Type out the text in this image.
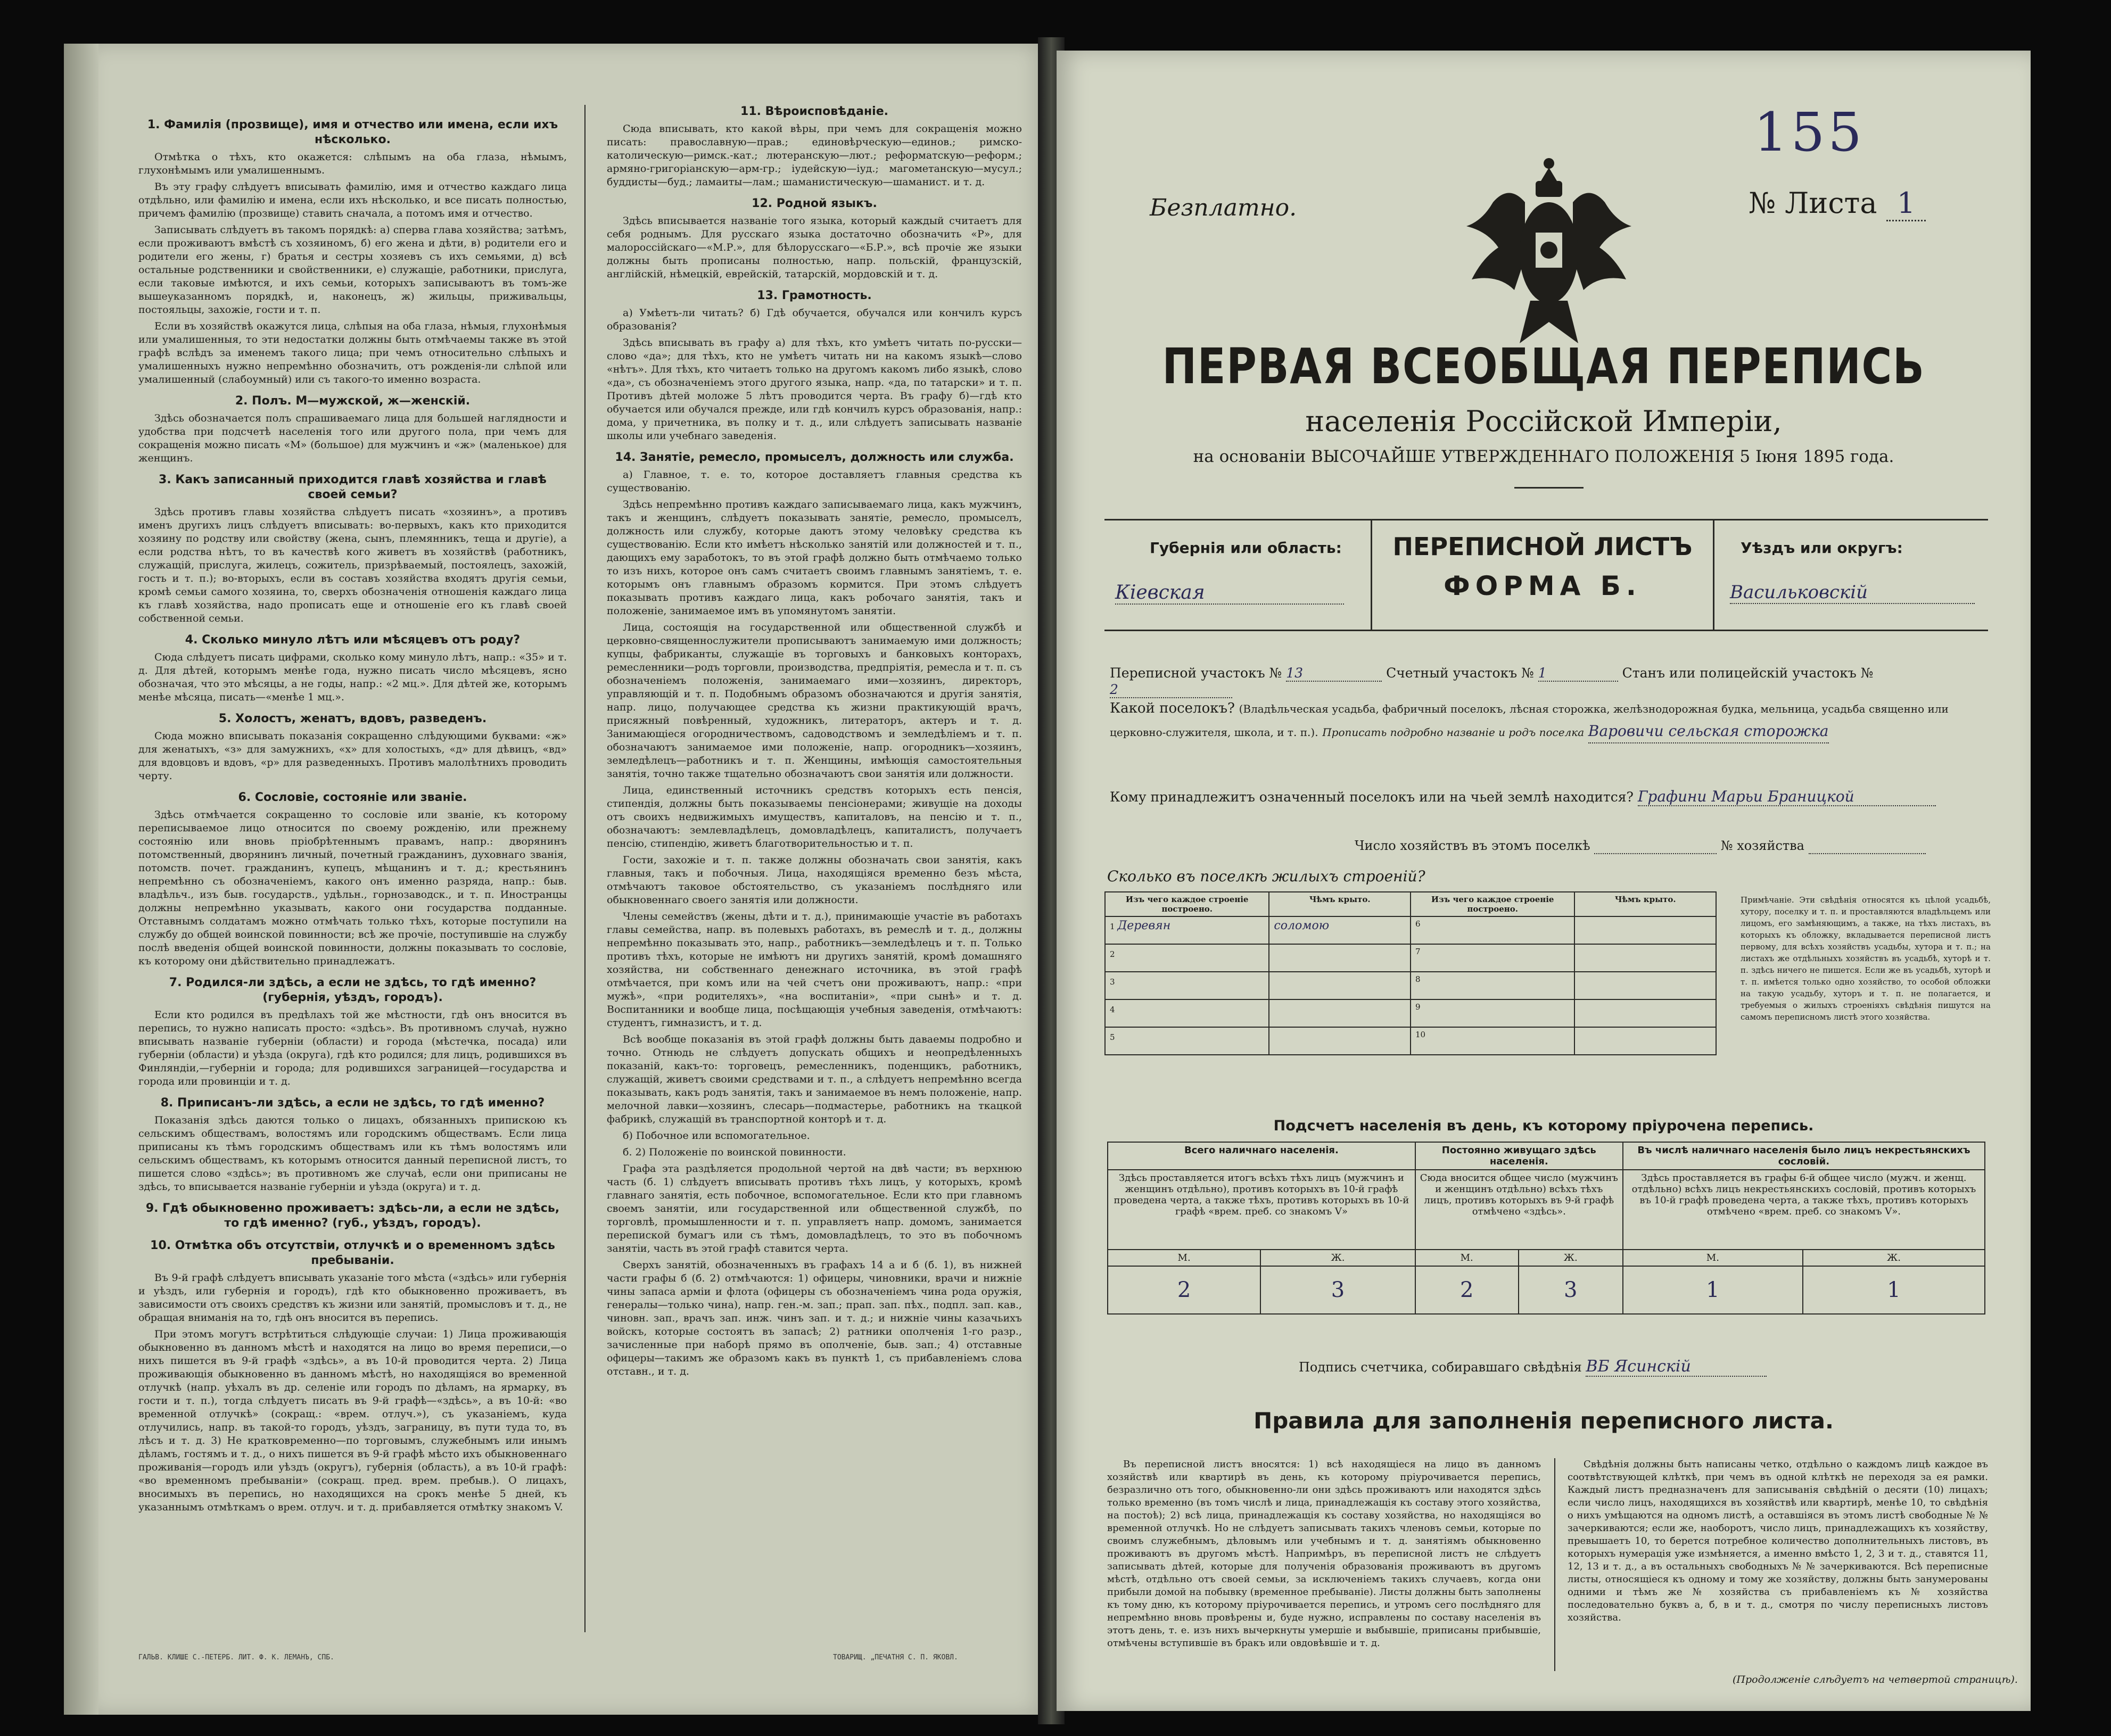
1. Фамилія (прозвище), имя и отчество или имена, если ихъ нѣсколько.

Отмѣтка о тѣхъ, кто окажется: слѣпымъ на оба глаза, нѣмымъ, глухонѣмымъ или умалишеннымъ.

Въ эту графу слѣдуетъ вписывать фамилію, имя и отчество каждаго лица отдѣльно, или фамилію и имена, если ихъ нѣсколько, и все писать полностью, причемъ фамилію (прозвище) ставить сначала, а потомъ имя и отчество.

Записывать слѣдуетъ въ такомъ порядкѣ: а) сперва глава хозяйства; затѣмъ, если проживаютъ вмѣстѣ съ хозяиномъ, б) его жена и дѣти, в) родители его и родители его жены, г) братья и сестры хозяевъ съ ихъ семьями, д) всѣ остальные родственники и свойственники, е) служащіе, работники, прислуга, если таковые имѣются, и ихъ семьи, которыхъ записываютъ въ томъ-же вышеуказанномъ порядкѣ, и, наконецъ, ж) жильцы, приживальцы, постояльцы, захожіе, гости и т. п.

Если въ хозяйствѣ окажутся лица, слѣпыя на оба глаза, нѣмыя, глухонѣмыя или умалишенныя, то эти недостатки должны быть отмѣчаемы также въ этой графѣ вслѣдъ за именемъ такого лица; при чемъ относительно слѣпыхъ и умалишенныхъ нужно непремѣнно обозначить, отъ рожденія-ли слѣпой или умалишенный (слабоумный) или съ такого-то именно возраста.

2. Полъ. М—мужской, ж—женскій.

Здѣсь обозначается полъ спрашиваемаго лица для большей наглядности и удобства при подсчетѣ населенія того или другого пола, при чемъ для сокращенія можно писать «М» (большое) для мужчинъ и «ж» (маленькое) для женщинъ.

3. Какъ записанный приходится главѣ хозяйства и главѣ своей семьи?

Здѣсь противъ главы хозяйства слѣдуетъ писать «хозяинъ», а противъ именъ другихъ лицъ слѣдуетъ вписывать: во-первыхъ, какъ кто приходится хозяину по родству или свойству (жена, сынъ, племянникъ, теща и другіе), а если родства нѣтъ, то въ качествѣ кого живетъ въ хозяйствѣ (работникъ, служащій, прислуга, жилецъ, сожитель, призрѣваемый, постоялецъ, захожій, гость и т. п.); во-вторыхъ, если въ составъ хозяйства входятъ другія семьи, кромѣ семьи самого хозяина, то, сверхъ обозначенія отношенія каждаго лица къ главѣ хозяйства, надо прописать еще и отношеніе его къ главѣ своей собственной семьи.

4. Сколько минуло лѣтъ или мѣсяцевъ отъ роду?

Сюда слѣдуетъ писать цифрами, сколько кому минуло лѣтъ, напр.: «35» и т. д. Для дѣтей, которымъ менѣе года, нужно писать число мѣсяцевъ, ясно обозначая, что это мѣсяцы, а не годы, напр.: «2 мц.». Для дѣтей же, которымъ менѣе мѣсяца, писать—«менѣе 1 мц.».

5. Холостъ, женатъ, вдовъ, разведенъ.

Сюда можно вписывать показанія сокращенно слѣдующими буквами: «ж» для женатыхъ, «з» для замужнихъ, «х» для холостыхъ, «д» для дѣвицъ, «вд» для вдовцовъ и вдовъ, «р» для разведенныхъ. Противъ малолѣтнихъ проводить черту.

6. Сословіе, состояніе или званіе.

Здѣсь отмѣчается сокращенно то сословіе или званіе, къ которому переписываемое лицо относится по своему рожденію, или прежнему состоянію или вновь пріобрѣтеннымъ правамъ, напр.: дворянинъ потомственный, дворянинъ личный, почетный гражданинъ, духовнаго званія, потомств. почет. гражданинъ, купецъ, мѣщанинъ и т. д.; крестьянинъ непремѣнно съ обозначеніемъ, какого онъ именно разряда, напр.: быв. владѣльч., изъ быв. государств., удѣльн., горнозаводск., и т. п. Иностранцы должны непремѣнно указывать, какого они государства подданные. Отставнымъ солдатамъ можно отмѣчать только тѣхъ, которые поступили на службу до общей воинской повинности; всѣ же прочіе, поступившіе на службу послѣ введенія общей воинской повинности, должны показывать то сословіе, къ которому они дѣйствительно принадлежатъ.

7. Родился-ли здѣсь, а если не здѣсь, то гдѣ именно? (губернія, уѣздъ, городъ).

Если кто родился въ предѣлахъ той же мѣстности, гдѣ онъ вносится въ перепись, то нужно написать просто: «здѣсь». Въ противномъ случаѣ, нужно вписывать названіе губерніи (области) и города (мѣстечка, посада) или губерніи (области) и уѣзда (округа), гдѣ кто родился; для лицъ, родившихся въ Финляндіи,—губерніи и города; для родившихся заграницей—государства и города или провинціи и т. д.

8. Приписанъ-ли здѣсь, а если не здѣсь, то гдѣ именно?

Показанія здѣсь даются только о лицахъ, обязанныхъ припискою къ сельскимъ обществамъ, волостямъ или городскимъ обществамъ. Если лица приписаны къ тѣмъ городскимъ обществамъ или къ тѣмъ волостямъ или сельскимъ обществамъ, къ которымъ относится данный переписной листъ, то пишется слово «здѣсь»; въ противномъ же случаѣ, если они приписаны не здѣсь, то вписывается названіе губерніи и уѣзда (округа) и т. д.

9. Гдѣ обыкновенно проживаетъ: здѣсь-ли, а если не здѣсь, то гдѣ именно? (губ., уѣздъ, городъ).
10. Отмѣтка объ отсутствіи, отлучкѣ и о временномъ здѣсь пребываніи.

Въ 9-й графѣ слѣдуетъ вписывать указаніе того мѣста («здѣсь» или губернія и уѣздъ, или губернія и городъ), гдѣ кто обыкновенно проживаетъ, въ зависимости отъ своихъ средствъ къ жизни или занятій, промысловъ и т. д., не обращая вниманія на то, гдѣ онъ вносится въ перепись.

При этомъ могутъ встрѣтиться слѣдующіе случаи: 1) Лица проживающія обыкновенно въ данномъ мѣстѣ и находятся на лицо во время переписи,—о нихъ пишется въ 9-й графѣ «здѣсь», а въ 10-й проводится черта. 2) Лица проживающія обыкновенно въ данномъ мѣстѣ, но находящіяся во временной отлучкѣ (напр. уѣхалъ въ др. селеніе или городъ по дѣламъ, на ярмарку, въ гости и т. п.), тогда слѣдуетъ писать въ 9-й графѣ—«здѣсь», а въ 10-й: «во временной отлучкѣ» (сокращ.: «врем. отлуч.»), съ указаніемъ, куда отлучились, напр. въ такой-то городъ, уѣздъ, заграницу, въ пути туда то, въ лѣсъ и т. д. 3) Не кратковременно—по торговымъ, служебнымъ или инымъ дѣламъ, гостямъ и т. д., о нихъ пишется въ 9-й графѣ мѣсто ихъ обыкновеннаго проживанія—городъ или уѣздъ (округъ), губернія (область), а въ 10-й графѣ: «во временномъ пребываніи» (сокращ. пред. врем. пребыв.). О лицахъ, вносимыхъ въ перепись, но находящихся на срокъ менѣе 5 дней, къ указаннымъ отмѣткамъ о врем. отлуч. и т. д. прибавляется отмѣтку знакомъ V.

11. Вѣроисповѣданіе.

Сюда вписывать, кто какой вѣры, при чемъ для сокращенія можно писать: православную—прав.; единовѣрческую—единов.; римско-католическую—римск.-кат.; лютеранскую—лют.; реформатскую—реформ.; армяно-григоріанскую—арм-гр.; іудейскую—іуд.; магометанскую—мусул.; буддисты—буд.; ламаиты—лам.; шаманистическую—шаманист. и т. д.

12. Родной языкъ.

Здѣсь вписывается названіе того языка, который каждый считаетъ для себя роднымъ. Для русскаго языка достаточно обозначить «Р», для малороссійскаго—«М.Р.», для бѣлорусскаго—«Б.Р.», всѣ прочіе же языки должны быть прописаны полностью, напр. польскій, французскій, англійскій, нѣмецкій, еврейскій, татарскій, мордовскій и т. д.

13. Грамотность.

а) Умѣетъ-ли читать? б) Гдѣ обучается, обучался или кончилъ курсъ образованія?

Здѣсь вписывать въ графу а) для тѣхъ, кто умѣетъ читать по-русски—слово «да»; для тѣхъ, кто не умѣетъ читать ни на какомъ языкѣ—слово «нѣтъ». Для тѣхъ, кто читаетъ только на другомъ какомъ либо языкѣ, слово «да», съ обозначеніемъ этого другого языка, напр. «да, по татарски» и т. п. Противъ дѣтей моложе 5 лѣтъ проводится черта. Въ графу б)—гдѣ кто обучается или обучался прежде, или гдѣ кончилъ курсъ образованія, напр.: дома, у причетника, въ полку и т. д., или слѣдуетъ записывать названіе школы или учебнаго заведенія.

14. Занятіе, ремесло, промыселъ, должность или служба.

а) Главное, т. е. то, которое доставляетъ главныя средства къ существованію.

Здѣсь непремѣнно противъ каждаго записываемаго лица, какъ мужчинъ, такъ и женщинъ, слѣдуетъ показывать занятіе, ремесло, промыселъ, должность или службу, которые даютъ этому человѣку средства къ существованію. Если кто имѣетъ нѣсколько занятій или должностей и т. п., дающихъ ему заработокъ, то въ этой графѣ должно быть отмѣчаемо только то изъ нихъ, которое онъ самъ считаетъ своимъ главнымъ занятіемъ, т. е. которымъ онъ главнымъ образомъ кормится. При этомъ слѣдуетъ показывать противъ каждаго лица, какъ робочаго занятія, такъ и положеніе, занимаемое имъ въ упомянутомъ занятіи.

Лица, состоящія на государственной или общественной службѣ и церковно-священнослужители прописываютъ занимаемую ими должность; купцы, фабриканты, служащіе въ торговыхъ и банковыхъ конторахъ, ремесленники—родъ торговли, производства, предпріятія, ремесла и т. п. съ обозначеніемъ положенія, занимаемаго ими—хозяинъ, директоръ, управляющій и т. п. Подобнымъ образомъ обозначаются и другія занятія, напр. лицо, получающее средства къ жизни практикующій врачъ, присяжный повѣренный, художникъ, литераторъ, актеръ и т. д. Занимающіеся огородничествомъ, садоводствомъ и земледѣліемъ и т. п. обозначаютъ занимаемое ими положеніе, напр. огородникъ—хозяинъ, земледѣлецъ—работникъ и т. п. Женщины, имѣющія самостоятельныя занятія, точно также тщательно обозначаютъ свои занятія или должности.

Лица, единственный источникъ средствъ которыхъ есть пенсія, стипендія, должны быть показываемы пенсіонерами; живущіе на доходы отъ своихъ недвижимыхъ имуществъ, капиталовъ, на пенсію и т. п., обозначаютъ: землевладѣлецъ, домовладѣлецъ, капиталистъ, получаетъ пенсію, стипендію, живетъ благотворительностью и т. п.

Гости, захожіе и т. п. также должны обозначать свои занятія, какъ главныя, такъ и побочныя. Лица, находящіяся временно безъ мѣста, отмѣчаютъ таковое обстоятельство, съ указаніемъ послѣдняго или обыкновеннаго своего занятія или должности.

Члены семействъ (жены, дѣти и т. д.), принимающіе участіе въ работахъ главы семейства, напр. въ полевыхъ работахъ, въ ремеслѣ и т. д., должны непремѣнно показывать это, напр., работникъ—земледѣлецъ и т. п. Только противъ тѣхъ, которые не имѣютъ ни другихъ занятій, кромѣ домашняго хозяйства, ни собственнаго денежнаго источника, въ этой графѣ отмѣчается, при комъ или на чей счетъ они проживаютъ, напр.: «при мужѣ», «при родителяхъ», «на воспитаніи», «при сынѣ» и т. д. Воспитанники и вообще лица, посѣщающія учебныя заведенія, отмѣчаютъ: студентъ, гимназистъ, и т. д.

Всѣ вообще показанія въ этой графѣ должны быть даваемы подробно и точно. Отнюдь не слѣдуетъ допускать общихъ и неопредѣленныхъ показаній, какъ-то: торговецъ, ремесленникъ, поденщикъ, работникъ, служащій, живетъ своими средствами и т. п., а слѣдуетъ непремѣнно всегда показывать, какъ родъ занятія, такъ и занимаемое въ немъ положеніе, напр. мелочной лавки—хозяинъ, слесарь—подмастерье, работникъ на ткацкой фабрикѣ, служащій въ транспортной конторѣ и т. д.

б) Побочное или вспомогательное.

б. 2) Положеніе по воинской повинности.

Графа эта раздѣляется продольной чертой на двѣ части; въ верхнюю часть (б. 1) слѣдуетъ вписывать противъ тѣхъ лицъ, у которыхъ, кромѣ главнаго занятія, есть побочное, вспомогательное. Если кто при главномъ своемъ занятіи, или государственной или общественной службѣ, по торговлѣ, промышленности и т. п. управляетъ напр. домомъ, занимается перепиской бумагъ или съ тѣмъ, домовладѣлецъ, то это въ побочномъ занятіи, часть въ этой графѣ ставится черта.

Сверхъ занятій, обозначенныхъ въ графахъ 14 а и б (б. 1), въ нижней части графы б (б. 2) отмѣчаются: 1) офицеры, чиновники, врачи и нижніе чины запаса арміи и флота (офицеры съ обозначеніемъ чина рода оружія, генералы—только чина), напр. ген.-м. зап.; прап. зап. пѣх., подпл. зап. кав., чиновн. зап., врачъ зап. инж. чинъ зап. и т. д.; и нижніе чины казачьихъ войскъ, которые состоятъ въ запасѣ; 2) ратники ополченія 1-го разр., зачисленные при наборѣ прямо въ ополченіе, быв. зап.; 4) отставные офицеры—такимъ же образомъ какъ въ пунктѣ 1, съ прибавленіемъ слова отставн., и т. д.

ГАЛЬВ. КЛИШЕ С.-ПЕТЕРБ. ЛИТ. Ф. К. ЛЕМАНЪ, СПБ.	ТОВАРИЩ. „ПЕЧАТНЯ С. П. ЯКОВЛ.
155
Безплатно.	№ Листа 1
ПЕРВАЯ ВСЕОБЩАЯ ПЕРЕПИСЬ
населенія Россійской Имперіи,
на основаніи ВЫСОЧАЙШЕ УТВЕРЖДЕННАГО ПОЛОЖЕНІЯ 5 Іюня 1895 года.
Губернія или область:
Кіевская
ПЕРЕПИСНОЙ ЛИСТЪ
ФОРМА Б.
Уѣздъ или округъ:
Васильковскій
Переписной участокъ № 13	Счетный участокъ № 1	Станъ или полицейскій участокъ № 2
Какой поселокъ? (Владѣльческая усадьба, фабричный поселокъ, лѣсная сторожка, желѣзнодорожная будка, мельница, усадьба священно или церковно-служителя, школа, и т. п.). Прописать подробно названіе и родъ поселка Варовичи сельская сторожка
Кому принадлежитъ означенный поселокъ или на чьей землѣ находится? Графини Марьи Браницкой
Число хозяйствъ въ этомъ поселкѣ	№ хозяйства
Сколько въ поселкѣ жилыхъ строеній?
Изъ чего каждое строеніе построено.	Чѣмъ крыто.	Изъ чего каждое строеніе построено.	Чѣмъ крыто.
1 Деревян	соломою	6	
2		7	
3		8	
4		9	
5		10	
Примѣчаніе. Эти свѣдѣнія относятся къ цѣлой усадьбѣ, хутору, поселку и т. п. и проставляются владѣльцемъ или лицомъ, его замѣняющимъ, а также, на тѣхъ листахъ, въ которыхъ къ обложку, вкладывается переписной листъ первому, для всѣхъ хозяйствъ усадьбы, хутора и т. п.; на листахъ же отдѣльныхъ хозяйствъ въ усадьбѣ, хуторѣ и т. п. здѣсь ничего не пишется. Если же въ усадьбѣ, хуторѣ и т. п. имѣется только одно хозяйство, то особой обложки на такую усадьбу, хуторъ и т. п. не полагается, и требуемыя о жилыхъ строеніяхъ свѣдѣнія пишутся на самомъ переписномъ листѣ этого хозяйства.
Подсчетъ населенія въ день, къ которому пріурочена перепись.
Всего наличнаго населенія.		Постоянно живущаго здѣсь населенія.		Въ числѣ наличнаго населенія было лицъ некрестьянскихъ сословій.	
Здѣсь проставляется итогъ всѣхъ тѣхъ лицъ (мужчинъ и женщинъ отдѣльно), противъ которыхъ въ 10-й графѣ проведена черта, а также тѣхъ, противъ которыхъ въ 10-й графѣ «врем. преб. со знакомъ V»		Сюда вносится общее число (мужчинъ и женщинъ отдѣльно) всѣхъ тѣхъ лицъ, противъ которыхъ въ 9-й графѣ отмѣчено «здѣсь».		Здѣсь проставляется въ графы 6-й общее число (мужч. и женщ. отдѣльно) всѣхъ лицъ некрестьянскихъ сословій, противъ которыхъ въ 10-й графѣ проведена черта, а также тѣхъ, противъ которыхъ отмѣчено «врем. преб. со знакомъ V».	
М.	Ж.	М.	Ж.	М.	Ж.
2	3	2	3	1	1
Подпись счетчика, собиравшаго свѣдѣнія ВБ Ясинскій
Правила для заполненія переписного листа.
Въ переписной листъ вносятся: 1) всѣ находящіеся на лицо въ данномъ хозяйствѣ или квартирѣ въ день, къ которому пріурочивается перепись, безразлично отъ того, обыкновенно-ли они здѣсь проживаютъ или находятся здѣсь только временно (въ томъ числѣ и лица, принадлежащія къ составу этого хозяйства, на постоѣ); 2) всѣ лица, принадлежащія къ составу хозяйства, но находящіяся во временной отлучкѣ. Но не слѣдуетъ записывать такихъ членовъ семьи, которые по своимъ служебнымъ, дѣловымъ или учебнымъ и т. д. занятіямъ обыкновенно проживаютъ въ другомъ мѣстѣ. Напримѣръ, въ переписной листъ не слѣдуетъ записывать дѣтей, которые для полученія образованія проживаютъ въ другомъ мѣстѣ, отдѣльно отъ своей семьи, за исключеніемъ такихъ случаевъ, когда они прибыли домой на побывку (временное пребываніе). Листы должны быть заполнены къ тому дню, къ которому пріурочивается перепись, и утромъ сего послѣдняго для непремѣнно вновь провѣрены и, буде нужно, исправлены по составу населенія въ этотъ день, т. е. изъ нихъ вычеркнуты умершіе и выбывшіе, приписаны прибывшіе, отмѣчены вступившіе въ бракъ или овдовѣвшіе и т. д.
Свѣдѣнія должны быть написаны четко, отдѣльно о каждомъ лицѣ каждое въ соотвѣтствующей клѣткѣ, при чемъ въ одной клѣткѣ не переходя за ея рамки. Каждый листъ предназначенъ для записыванія свѣдѣній о десяти (10) лицахъ; если число лицъ, находящихся въ хозяйствѣ или квартирѣ, менѣе 10, то свѣдѣнія о нихъ умѣщаются на одномъ листѣ, а оставшіяся въ этомъ листѣ свободные № № зачеркиваются; если же, наоборотъ, число лицъ, принадлежащихъ къ хозяйству, превышаетъ 10, то берется потребное количество дополнительныхъ листовъ, въ которыхъ нумерація уже измѣняется, а именно вмѣсто 1, 2, 3 и т. д., ставятся 11, 12, 13 и т. д., а въ остальныхъ свободныхъ № № зачеркиваются. Всѣ переписные листы, относящіеся къ одному и тому же хозяйству, должны быть занумерованы одними и тѣмъ же № хозяйства съ прибавленіемъ къ № хозяйства последовательно буквъ а, б, в и т. д., смотря по числу переписныхъ листовъ хозяйства.
(Продолженіе слѣдуетъ на четвертой страницѣ).
